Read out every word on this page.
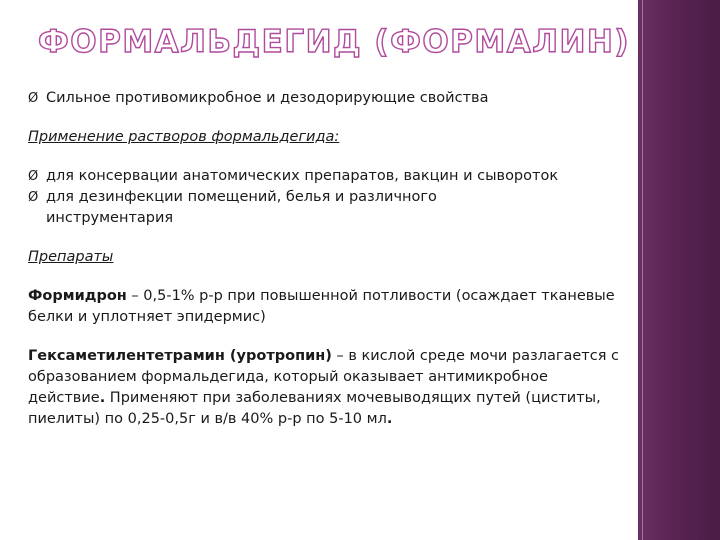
ФОРМАЛЬДЕГИД (ФОРМАЛИН)
Ø Сильное противомикробное и дезодорирующие свойства

Применение растворов формальдегида:

Ø для консервации анатомических препаратов, вакцин и сывороток
Ø для дезинфекции помещений, белья и различного
инструментария

Препараты

Формидрон – 0,5-1% р-р при повышенной потливости (осаждает тканевые белки и уплотняет эпидермис)

Гексаметилентетрамин (уротропин) – в кислой среде мочи разлагается с образованием формальдегида, который оказывает антимикробное действие. Применяют при заболеваниях мочевыводящих путей (циститы, пиелиты) по 0,25-0,5г и в/в 40% р-р по 5-10 мл.
